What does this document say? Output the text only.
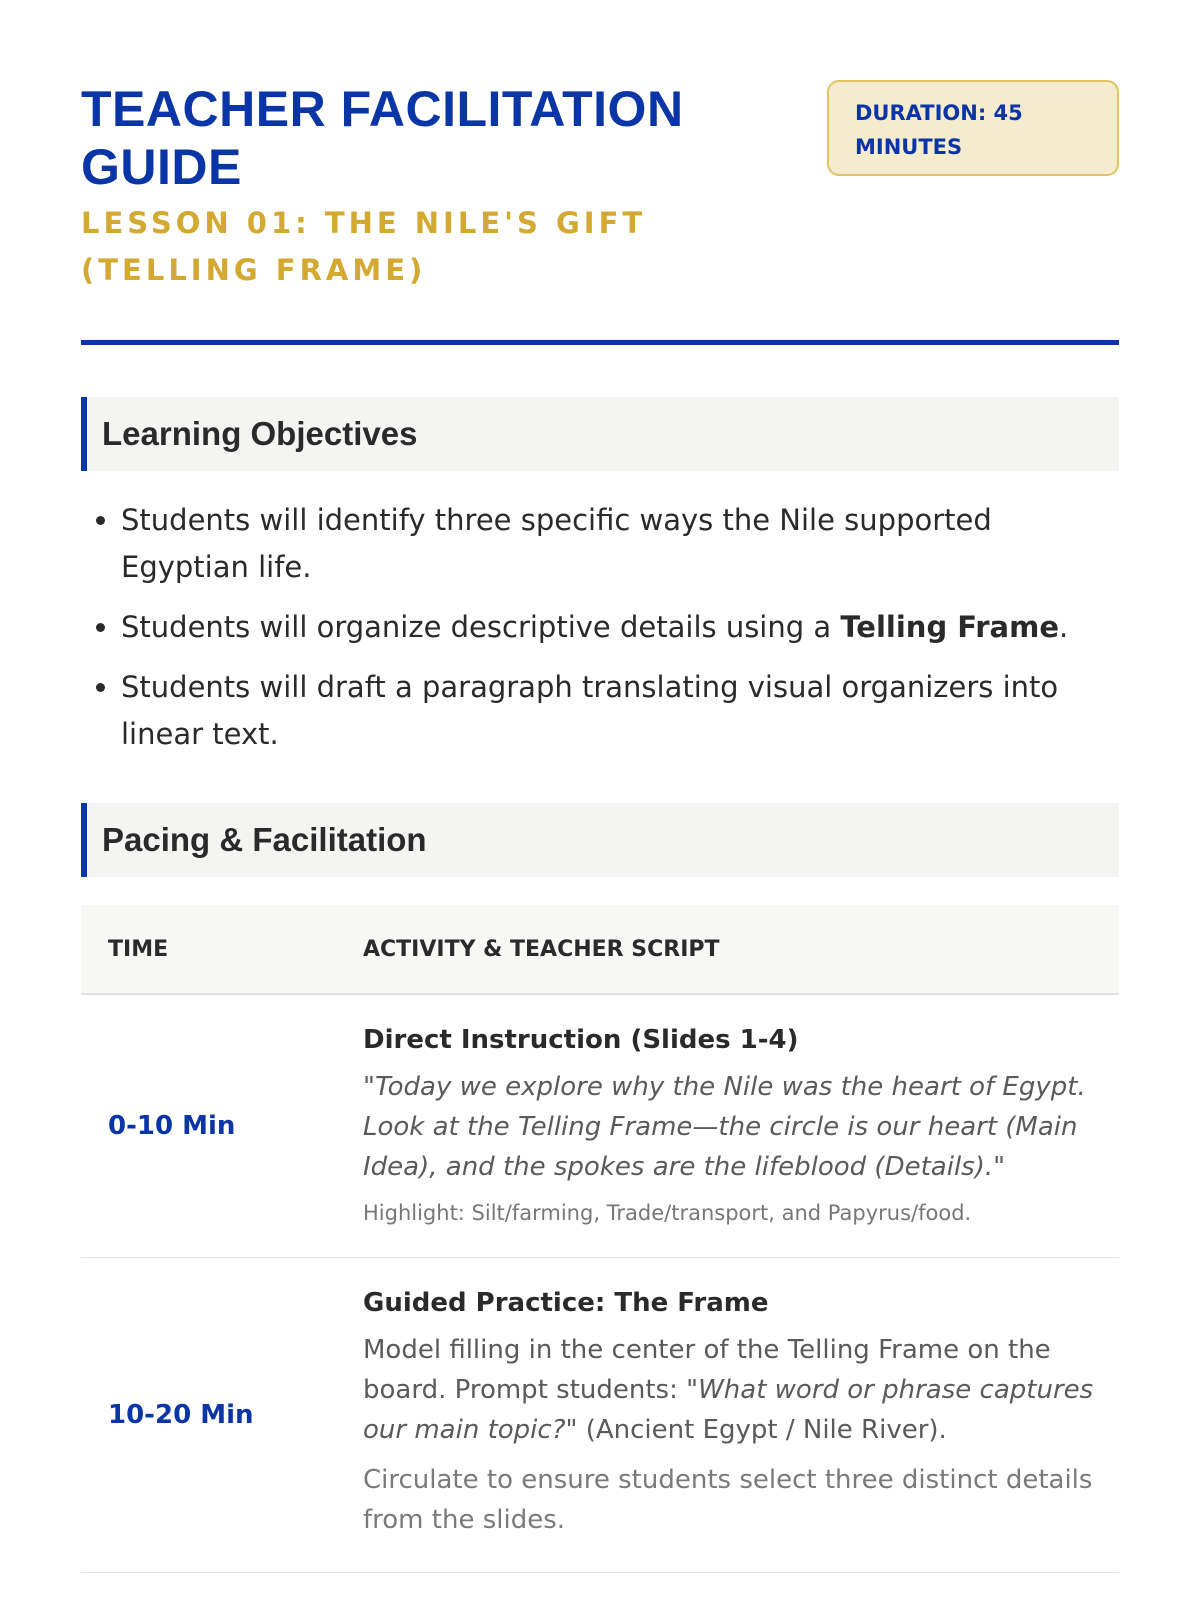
TEACHER FACILITATION GUIDE
LESSON 01: THE NILE'S GIFT (TELLING FRAME)
DURATION: 45 MINUTES
Learning Objectives
• Students will identify three specific ways the Nile supported Egyptian life.
• Students will organize descriptive details using a Telling Frame.
• Students will draft a paragraph translating visual organizers into linear text.
Pacing & Facilitation
TIME	ACTIVITY & TEACHER SCRIPT
0-10 Min	Direct Instruction (Slides 1-4)
"Today we explore why the Nile was the heart of Egypt. Look at the Telling Frame—the circle is our heart (Main Idea), and the spokes are the lifeblood (Details)."
Highlight: Silt/farming, Trade/transport, and Papyrus/food.

10-20 Min	Guided Practice: The Frame
Model filling in the center of the Telling Frame on the board. Prompt students: "What word or phrase captures our main topic?" (Ancient Egypt / Nile River).
Circulate to ensure students select three distinct details from the slides.
